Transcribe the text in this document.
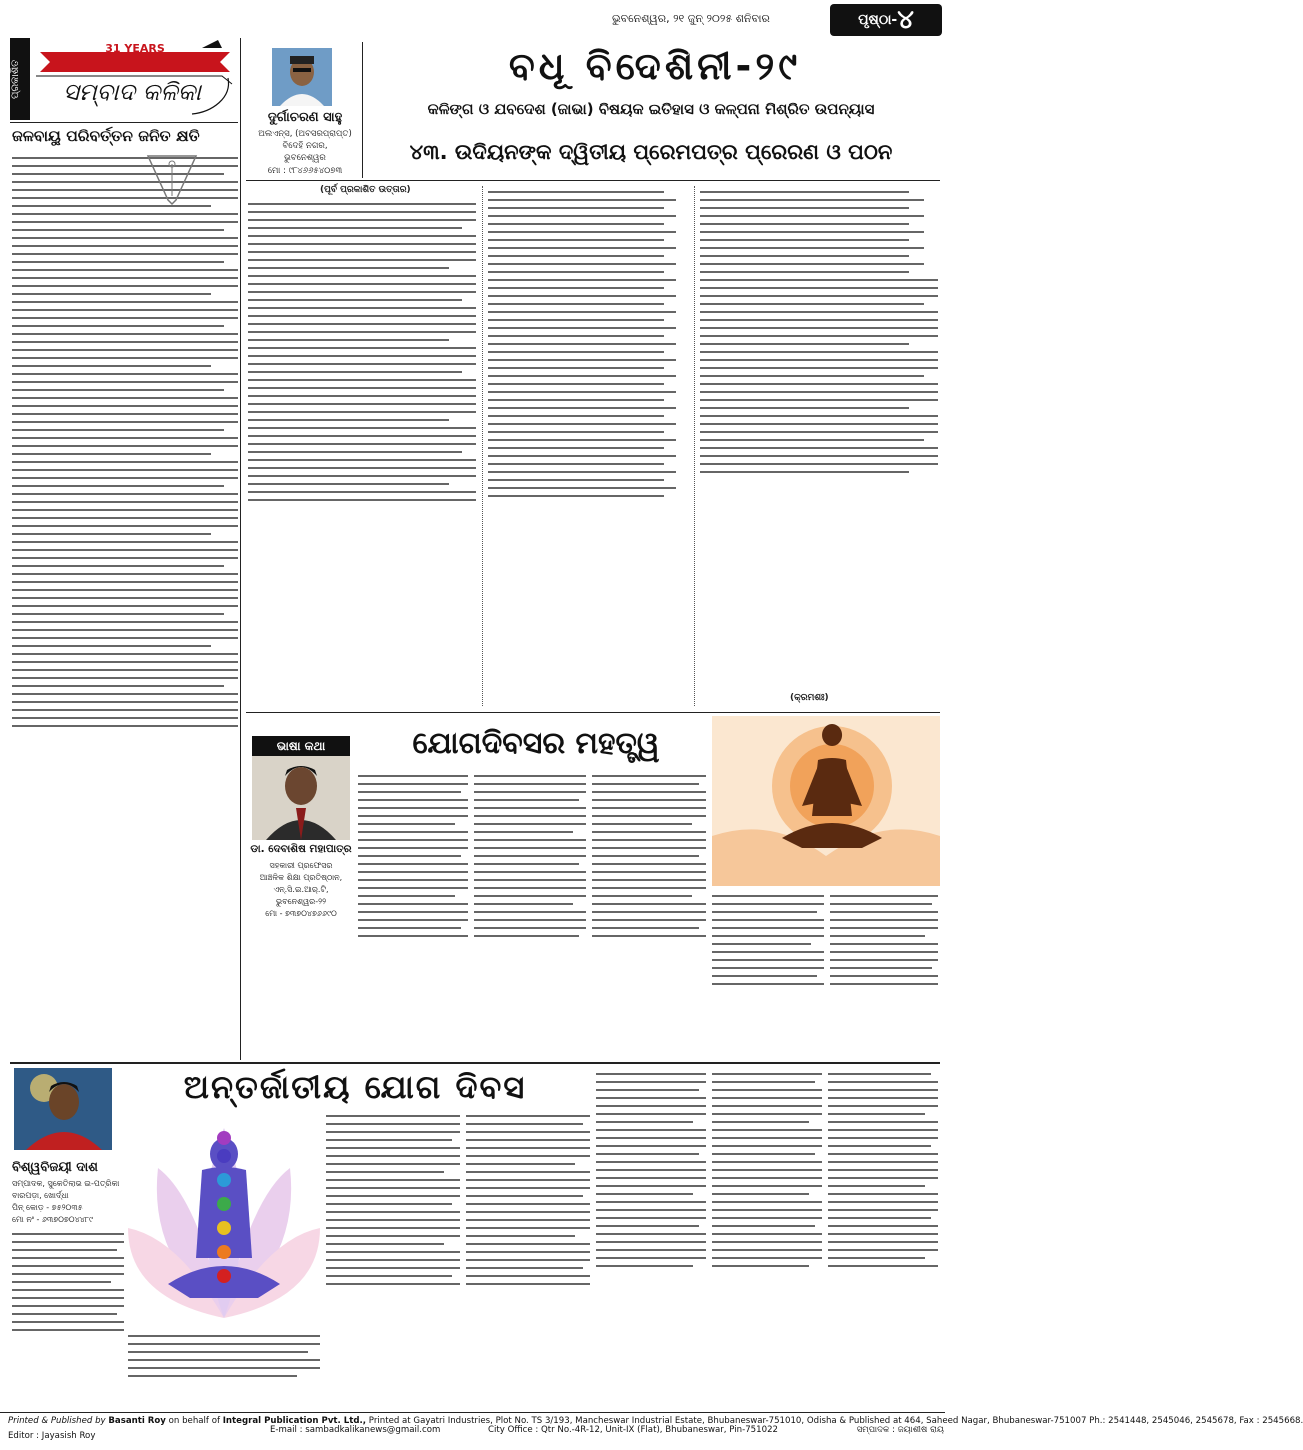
ଭୁବନେଶ୍ୱର, ୨୧ ଜୁନ୍ ୨୦୨୫ ଶନିବାର	ପୃଷ୍ଠା - ୪
ପ୍ରକାଶିତ
31 YEARS
ସମ୍ବାଦ କଳିକା
ଜଳବାୟୁ ପରିବର୍ତ୍ତନ ଜନିତ କ୍ଷତି
ଦୁର୍ଗାଚରଣ ସାହୁ
ଅଲଏନ୍ସ, (ଅବସରପ୍ରାପ୍ତ)
ବିଦେହି ନଗର,
ଭୁବନେଶ୍ୱର
ମୋ : ୯୮୪୬୬୫୪୦୭୩
ବଧୂ ବିଦେଶିନୀ-୨୯
କଳିଙ୍ଗ ଓ ଯବଦେଶ (ଜାଭା) ବିଷୟକ ଇତିହାସ ଓ କଳ୍ପନା ମିଶ୍ରିତ ଉପନ୍ୟାସ
୪୩. ଉଦିୟନଙ୍କ ଦ୍ୱିତୀୟ ପ୍ରେମପତ୍ର ପ୍ରେରଣ ଓ ପଠନ
(ପୂର୍ବ ପ୍ରକାଶିତ ଉତ୍ତାର)
(କ୍ରମଶଃ)
ଭାଷା କଥା
ଡା. ଦେବାଶିଷ ମହାପାତ୍ର
ସହକାରୀ ପ୍ରଫେସର
ଆଞ୍ଚଳିକ ଶିକ୍ଷା ପ୍ରତିଷ୍ଠାନ,
ଏନ୍.ସି.ଇ.ଆର୍.ଟି,
ଭୁବନେଶ୍ୱର-୨୨
ମୋ - ୭୩୭୦୪୭୬୬୯୦
ଯୋଗଦିବସର ମହତ୍ତ୍ୱ
ବିଶ୍ୱବିଜୟୀ ଦାଶ
ସମ୍ପାଦକ, ସୁକେତିଲାଭ ଇ-ପତ୍ରିକା
ବାରପଡ଼ା, ଖୋର୍ଦ୍ଧା
ପିନ୍ କୋଡ଼ - ୭୫୨୦୩୫
ମୋ ନଂ - ୬୩୭୦୭୦୪୪୮୯
ଅନ୍ତର୍ଜାତୀୟ ଯୋଗ ଦିବସ
Printed & Published by Basanti Roy on behalf of Integral Publication Pvt. Ltd., Printed at Gayatri Industries, Plot No. TS 3/193, Mancheswar Industrial Estate, Bhubaneswar-751010, Odisha & Published at 464, Saheed Nagar, Bhubaneswar-751007 Ph.: 2541448, 2545046, 2545678, Fax : 2545668.
Editor : Jayasish Roy
E-mail : sambadkalikanews@gmail.com	City Office : Qtr No.-4R-12, Unit-IX (Flat), Bhubaneswar, Pin-751022	ସମ୍ପାଦକ : ଜୟାଶୀଷ ରାୟ
